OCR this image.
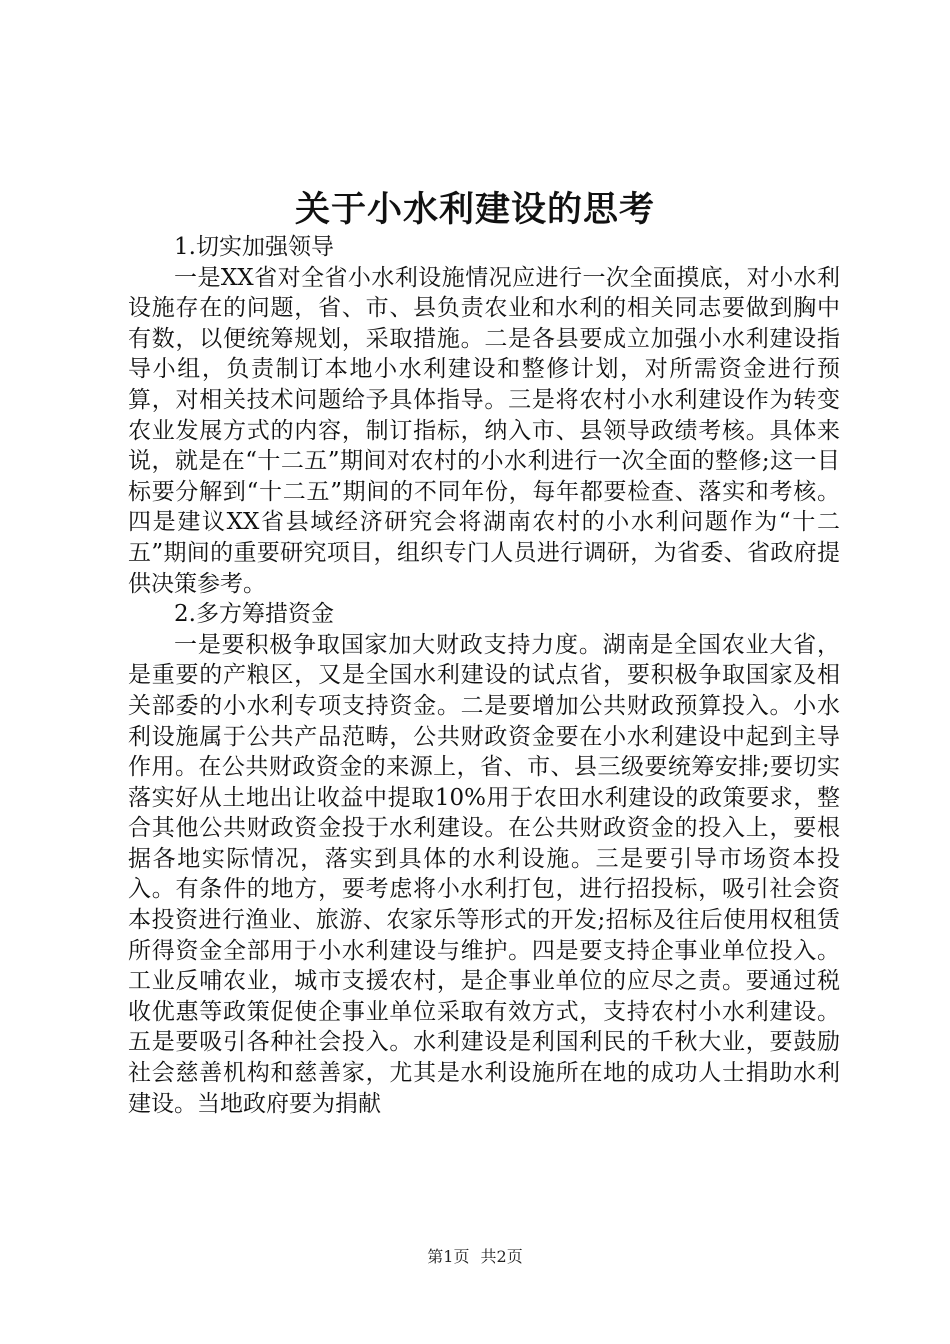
关于小水利建设的思考

1.切实加强领导

一是XX省对全省小水利设施情况应进行一次全面摸底，对小水利设施存在的问题，省、市、县负责农业和水利的相关同志要做到胸中有数，以便统筹规划，采取措施。二是各县要成立加强小水利建设指导小组，负责制订本地小水利建设和整修计划，对所需资金进行预算，对相关技术问题给予具体指导。三是将农村小水利建设作为转变农业发展方式的内容，制订指标，纳入市、县领导政绩考核。具体来说，就是在“十二五”期间对农村的小水利进行一次全面的整修;这一目标要分解到“十二五”期间的不同年份，每年都要检查、落实和考核。四是建议XX省县域经济研究会将湖南农村的小水利问题作为“十二五”期间的重要研究项目，组织专门人员进行调研，为省委、省政府提供决策参考。

2.多方筹措资金

一是要积极争取国家加大财政支持力度。湖南是全国农业大省，是重要的产粮区，又是全国水利建设的试点省，要积极争取国家及相关部委的小水利专项支持资金。二是要增加公共财政预算投入。小水利设施属于公共产品范畴，公共财政资金要在小水利建设中起到主导作用。在公共财政资金的来源上，省、市、县三级要统筹安排;要切实落实好从土地出让收益中提取10%用于农田水利建设的政策要求，整合其他公共财政资金投于水利建设。在公共财政资金的投入上，要根据各地实际情况，落实到具体的水利设施。三是要引导市场资本投入。有条件的地方，要考虑将小水利打包，进行招投标，吸引社会资本投资进行渔业、旅游、农家乐等形式的开发;招标及往后使用权租赁所得资金全部用于小水利建设与维护。四是要支持企事业单位投入。工业反哺农业，城市支援农村，是企事业单位的应尽之责。要通过税收优惠等政策促使企事业单位采取有效方式，支持农村小水利建设。五是要吸引各种社会投入。水利建设是利国利民的千秋大业，要鼓励社会慈善机构和慈善家，尤其是水利设施所在地的成功人士捐助水利建设。当地政府要为捐献

第1页 共2页
